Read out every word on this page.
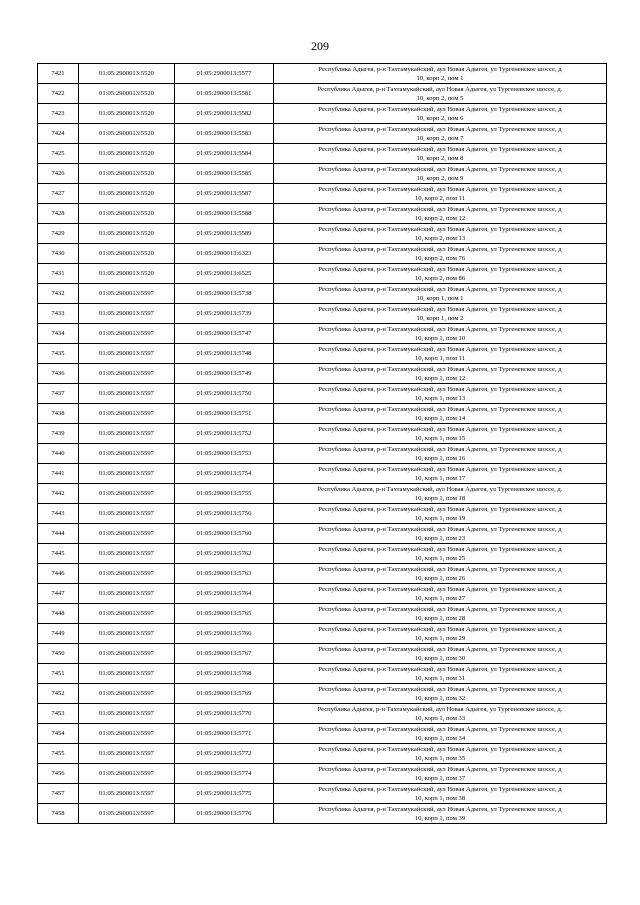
209
7421	01:05:2900013:5520	01:05:2900013:5577	Республика Адыгея, р-н Тахтамукайский, аул Новая Адыгея, ул Тургеневское шоссе, д
10, корп 2, пом 1

7422	01:05:2900013:5520	01:05:2900013:5581	Республика Адыгея, р-н Тахтамукайский, аул Новая Адыгея, ул Тургеневское шоссе, д.
10, корп 2, пом 5

7423	01:05:2900013:5520	01:05:2900013:5582	Республика Адыгея, р-н Тахтамукайский, аул Новая Адыгея, ул Тургеневское шоссе, д
10, корп 2, пом 6

7424	01:05:2900013:5520	01:05:2900013:5583	Республика Адыгея, р-н Тахтамукайский, аул Новая Адыгея, ул Тургеневское шоссе, д
10, корп 2, пом 7

7425	01:05:2900013:5520	01:05:2900013:5584	Республика Адыгея, р-н Тахтамукайский, аул Новая Адыгея, ул Тургеневское шоссе, д
10, корп 2, пом 8

7426	01:05:2900013:5520	01:05:2900013:5585	Республика Адыгея, р-н Тахтамукайский, аул Новая Адыгея, ул Тургеневское шоссе, д
10, корп 2, пом 9

7427	01:05:2900013:5520	01:05:2900013:5587	Республика Адыгея, р-н Тахтамукайский, аул Новая Адыгея, ул Тургеневское шоссе, д
10, корп 2, пом 11

7428	01:05:2900013:5520	01:05:2900013:5588	Республика Адыгея, р-н Тахтамукайский, аул Новая Адыгея, ул Тургеневское шоссе, д
10, корп 2, пом 12

7429	01:05:2900013:5520	01:05:2900013:5589	Республика Адыгея, р-н Тахтамукайский, аул Новая Адыгея, ул Тургеневское шоссе, д
10, корп 2, пом 13

7430	01:05:2900013:5520	01:05:2900013:6323	Республика Адыгея, р-н Тахтамукайский, аул Новая Адыгея, ул Тургеневское шоссе, д
10, корп 2, пом 76

7431	01:05:2900013:5520	01:05:2900013:6525	Республика Адыгея, р-н Тахтамукайский, аул Новая Адыгея, ул Тургеневское шоссе, д
10, корп 2, пом 86

7432	01:05:2900013:5597	01:05:2900013:5738	Республика Адыгея, р-н Тахтамукайский, аул Новая Адыгея, ул Тургеневское шоссе, д
10, корп 1, пом 1

7433	01:05:2900013:5597	01:05:2900013:5739	Республика Адыгея, р-н Тахтамукайский, аул Новая Адыгея, ул Тургеневское шоссе, д
10, корп 1, пом 2

7434	01:05:2900013:5597	01:05:2900013:5747	Республика Адыгея, р-н Тахтамукайский, аул Новая Адыгея, ул Тургеневское шоссе, д
10, корп 1, пом 10

7435	01:05:2900013:5597	01:05:2900013:5748	Республика Адыгея, р-н Тахтамукайский, аул Новая Адыгея, ул Тургеневское шоссе, д
10, корп 1, пом 11

7436	01:05:2900013:5597	01:05:2900013:5749	Республика Адыгея, р-н Тахтамукайский, аул Новая Адыгея, ул Тургеневское шоссе, д
10, корп 1, пом 12

7437	01:05:2900013:5597	01:05:2900013:5750	Республика Адыгея, р-н Тахтамукайский, аул Новая Адыгея, ул Тургеневское шоссе, д
10, корп 1, пом 13

7438	01:05:2900013:5597	01:05:2900013:5751	Республика Адыгея, р-н Тахтамукайский, аул Новая Адыгея, ул Тургеневское шоссе, д
10, корп 1, пом 14

7439	01:05:2900013:5597	01:05:2900013:5752	Республика Адыгея, р-н Тахтамукайский, аул Новая Адыгея, ул Тургеневское шоссе, д
10, корп 1, пом 15

7440	01:05:2900013:5597	01:05:2900013:5753	Республика Адыгея, р-н Тахтамукайский, аул Новая Адыгея, ул Тургеневское шоссе, д
10, корп 1, пом 16

7441	01:05:2900013:5597	01:05:2900013:5754	Республика Адыгея, р-н Тахтамукайский, аул Новая Адыгея, ул Тургеневское шоссе, д
10, корп 1, пом 17

7442	01:05:2900013:5597	01:05:2900013:5755	Республика Адыгея, р-н Тахтамукайский, аул Новая Адыгея, ул Тургеневское шоссе, д.
10, корп 1, пом 18

7443	01:05:2900013:5597	01:05:2900013:5756	Республика Адыгея, р-н Тахтамукайский, аул Новая Адыгея, ул Тургеневское шоссе, д
10, корп 1, пом 19

7444	01:05:2900013:5597	01:05:2900013:5760	Республика Адыгея, р-н Тахтамукайский, аул Новая Адыгея, ул Тургеневское шоссе, д
10, корп 1, пом 23

7445	01:05:2900013:5597	01:05:2900013:5762	Республика Адыгея, р-н Тахтамукайский, аул Новая Адыгея, ул Тургеневское шоссе, д
10, корп 1, пом 25

7446	01:05:2900013:5597	01:05:2900013:5763	Республика Адыгея, р-н Тахтамукайский, аул Новая Адыгея, ул Тургеневское шоссе, д
10, корп 1, пом 26

7447	01:05:2900013:5597	01:05:2900013:5764	Республика Адыгея, р-н Тахтамукайский, аул Новая Адыгея, ул Тургеневское шоссе, д
10, корп 1, пом 27

7448	01:05:2900013:5597	01:05:2900013:5765	Республика Адыгея, р-н Тахтамукайский, аул Новая Адыгея, ул Тургеневское шоссе, д
10, корп 1, пом 28

7449	01:05:2900013:5597	01:05:2900013:5766	Республика Адыгея, р-н Тахтамукайский, аул Новая Адыгея, ул Тургеневское шоссе, д
10, корп 1, пом 29

7450	01:05:2900013:5597	01:05:2900013:5767	Республика Адыгея, р-н Тахтамукайский, аул Новая Адыгея, ул Тургеневское шоссе, д
10, корп 1, пом 30

7451	01:05:2900013:5597	01:05:2900013:5768	Республика Адыгея, р-н Тахтамукайский, аул Новая Адыгея, ул Тургеневское шоссе, д
10, корп 1, пом 31

7452	01:05:2900013:5597	01:05:2900013:5769	Республика Адыгея, р-н Тахтамукайский, аул Новая Адыгея, ул Тургеневское шоссе, д
10, корп 1, пом 32

7453	01:05:2900013:5597	01:05:2900013:5770	Республика Адыгея, р-н Тахтамукайский, аул Новая Адыгея, ул Тургеневское шоссе, д.
10, корп 1, пом 33

7454	01:05:2900013:5597	01:05:2900013:5771	Республика Адыгея, р-н Тахтамукайский, аул Новая Адыгея, ул Тургеневское шоссе, д
10, корп 1, пом 34

7455	01:05:2900013:5597	01:05:2900013:5772	Республика Адыгея, р-н Тахтамукайский, аул Новая Адыгея, ул Тургеневское шоссе, д
10, корп 1, пом 35

7456	01:05:2900013:5597	01:05:2900013:5774	Республика Адыгея, р-н Тахтамукайский, аул Новая Адыгея, ул Тургеневское шоссе, д
10, корп 1, пом 37

7457	01:05:2900013:5597	01:05:2900013:5775	Республика Адыгея, р-н Тахтамукайский, аул Новая Адыгея, ул Тургеневское шоссе, д
10, корп 1, пом 38

7458	01:05:2900013:5597	01:05:2900013:5776	Республика Адыгея, р-н Тахтамукайский, аул Новая Адыгея, ул Тургеневское шоссе, д
10, корп 1, пом 39
